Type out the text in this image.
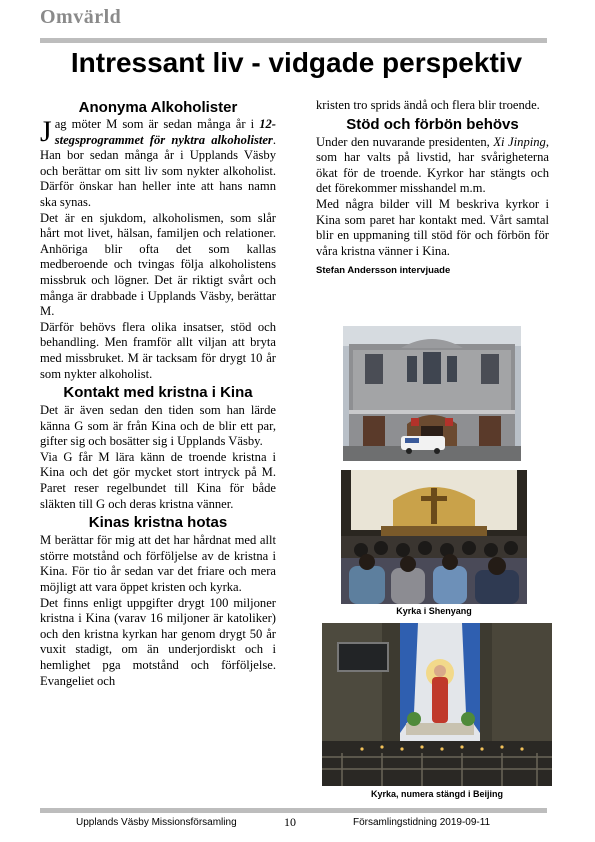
Omvärld
Intressant liv - vidgade perspektiv
Anonyma Alkoholister

Jag möter M som är sedan många år i 12-stegsprogrammet för nyktra alkoholister. Han bor sedan många år i Upplands Väsby och berättar om sitt liv som nykter alkoholist. Därför önskar han heller inte att hans namn ska synas.

Det är en sjukdom, alkoholismen, som slår hårt mot livet, hälsan, familjen och relationer. Anhöriga blir ofta det som kallas medberoende och tvingas följa alkoholistens missbruk och lögner. Det är riktigt svårt och många är drabbade i Upplands Väsby, berättar M.

Därför behövs flera olika insatser, stöd och behandling. Men framför allt viljan att bryta med missbruket. M är tacksam för drygt 10 år som nykter alkoholist.

Kontakt med kristna i Kina

Det är även sedan den tiden som han lärde känna G som är från Kina och de blir ett par, gifter sig och bosätter sig i Upplands Väsby.

Via G får M lära känn de troende kristna i Kina och det gör mycket stort intryck på M. Paret reser regelbundet till Kina för både släkten till G och deras kristna vänner.

Kinas kristna hotas

M berättar för mig att det har hårdnat med allt större motstånd och förföljelse av de kristna i Kina. För tio år sedan var det friare och mera möjligt att vara öppet kristen och kyrka.

Det finns enligt uppgifter drygt 100 miljoner kristna i Kina (varav 16 miljoner är katoliker) och den kristna kyrkan har genom drygt 50 år vuxit stadigt, om än underjordiskt och i hemlighet pga motstånd och förföljelse. Evangeliet och

kristen tro sprids ändå och flera blir troende.

Stöd och förbön behövs

Under den nuvarande presidenten, Xi Jinping, som har valts på livstid, har svårigheterna ökat för de troende. Kyrkor har stängts och det förekommer misshandel m.m.

Med några bilder vill M beskriva kyrkor i Kina som paret har kontakt med. Vårt samtal blir en uppmaning till stöd för och förbön för våra kristna vänner i Kina.

Stefan Andersson intervjuade
Kyrka i Shenyang
Kyrka, numera stängd i Beijing
Upplands Väsby Missionsförsamling	10	Församlingstidning 2019-09-11
